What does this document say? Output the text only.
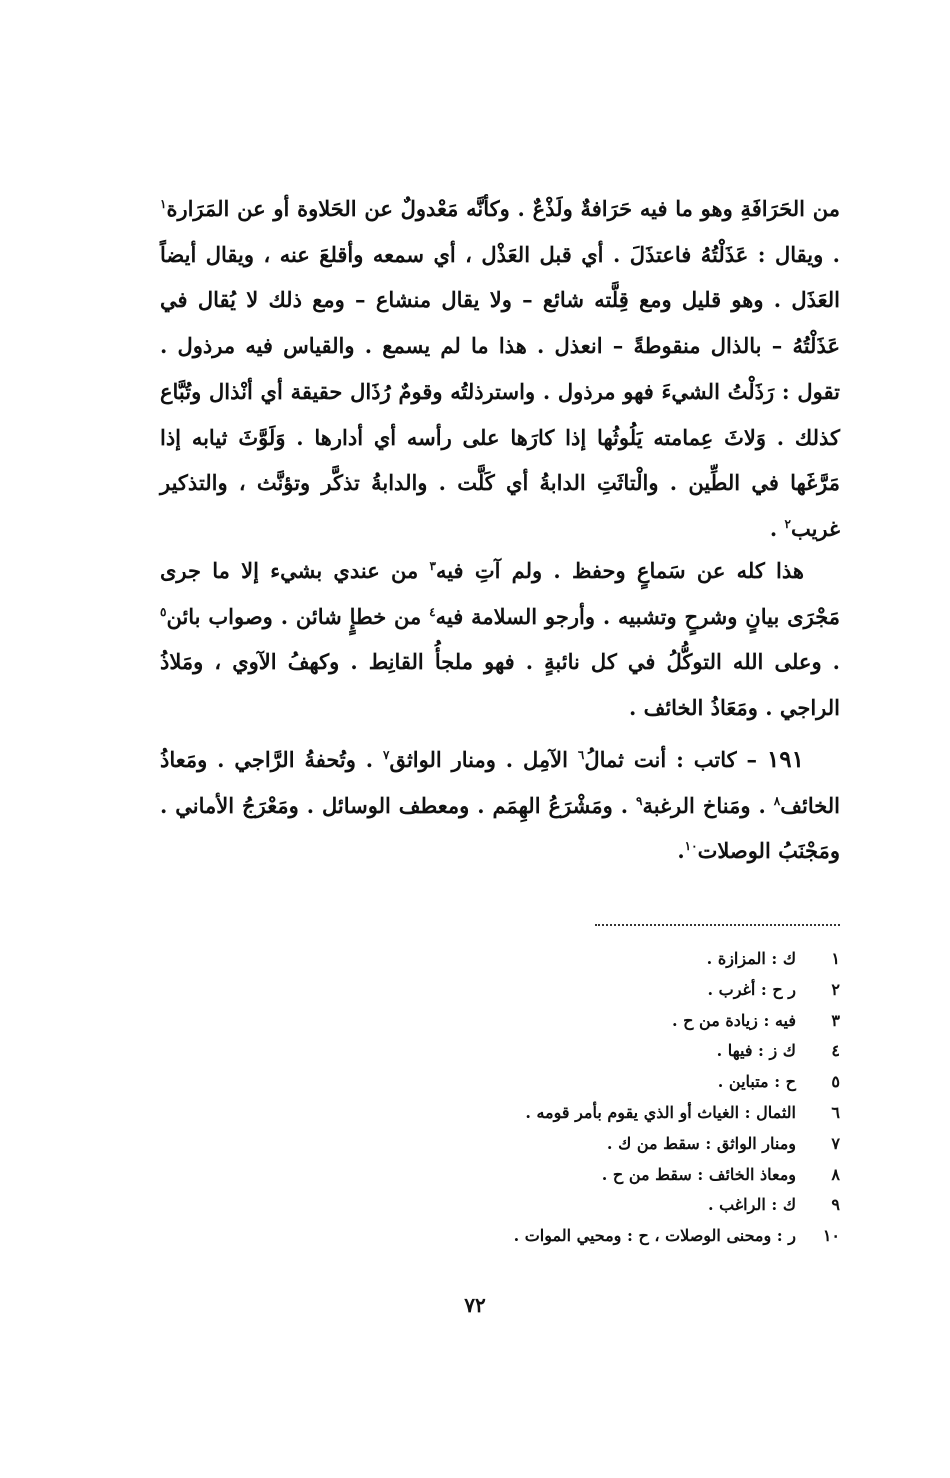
من الحَرَافَةِ وهو ما فيه حَرَافةٌ ولَذْعٌ . وكأنَّه مَعْدولٌ عن الحَلاوة أو عن المَرَارة$^١$ . ويقال : عَذَلْتُهُ فاعتذَلَ . أي قبل العَذْل ، أي سمعه وأقلعَ عنه ، ويقال أيضاً العَذَل . وهو قليل ومع قِلَّته شائع – ولا يقال منشاع – ومع ذلك لا يُقال في عَذَلْتُهُ – بالذال منقوطةً – انعذل . هذا ما لم يسمع . والقياس فيه مرذول . تقول : رَذَلْتُ الشيءَ فهو مرذول . واسترذلتُه وقومٌ رُذَال حقيقة أي أنْذال وتُبَّاع كذلك . وَلاثَ عِمامته يَلُوثُها إذا كارَها على رأسه أي أدارها . وَلَوَّثَ ثيابه إذا مَرَّغَها في الطِّين . والْتاثَتِ الدابةُ أي كَلَّت . والدابةُ تذكَّر وتؤنَّث ، والتذكير غريب$^٢$ .

هذا كله عن سَماعٍ وحفظ . ولم آتِ فيه$^٣$ من عندي بشيء إلا ما جرى مَجْرَى بيانٍ وشرحٍ وتشبيه . وأرجو السلامة فيه$^٤$ من خطإٍ شائن . وصواب بائن$^٥$ . وعلى الله التوكُّلُ في كل نائبةٍ . فهو ملجأُ القانِط . وكهفُ الآوي ، ومَلاذُ الراجي . ومَعَاذُ الخائف .

١٩١ – كاتب : أنت ثمالُ$^٦$ الآمِل . ومنار الواثق$^٧$ . وتُحفةُ الرَّاجي . ومَعاذُ الخائف$^٨$ . ومَناخ الرغبة$^٩$ . ومَشْرَعُ الهِمَم . ومعطف الوسائل . ومَعْرَجُ الأماني . ومَجْنَبُ الوصلات$^{١٠}$.

١
ك : المزازة .
٢
ر ح : أغرب .
٣
فيه : زيادة من ح .
٤
ك ز : فيها .
٥
ح : متباين .
٦
الثمال : الغياث أو الذي يقوم بأمر قومه .
٧
ومنار الواثق : سقط من ك .
٨
ومعاذ الخائف : سقط من ح .
٩
ك : الراغب .
١٠
ر : ومحنى الوصلات ، ح : ومحيي الموات .
٧٢
